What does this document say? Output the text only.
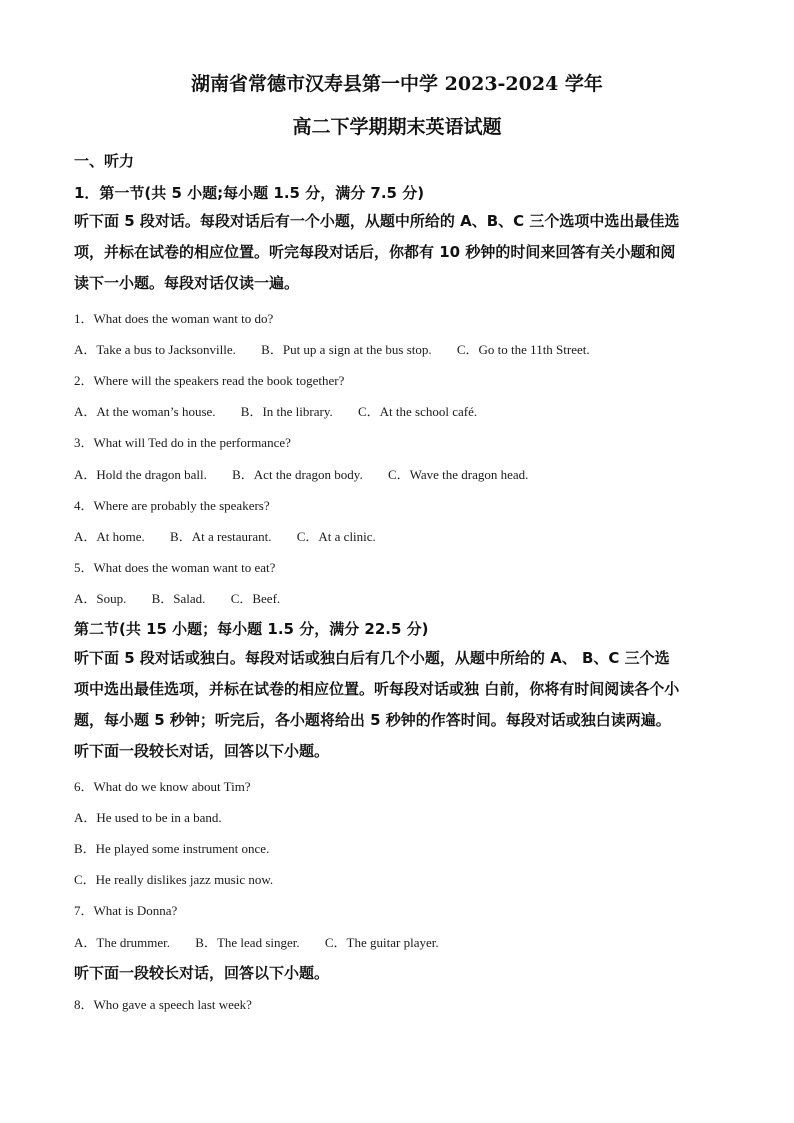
湖南省常德市汉寿县第一中学 2023-2024 学年
高二下学期期末英语试题
一、听力
1．第一节(共 5 小题;每小题 1.5 分，满分 7.5 分)
听下面 5 段对话。每段对话后有一个小题，从题中所给的 A、B、C 三个选项中选出最佳选
项，并标在试卷的相应位置。听完每段对话后，你都有 10 秒钟的时间来回答有关小题和阅
读下一小题。每段对话仅读一遍。
1．What does the woman want to do?
A．Take a bus to Jacksonville. B．Put up a sign at the bus stop. C．Go to the 11th Street.
2．Where will the speakers read the book together?
A．At the woman’s house. B．In the library. C．At the school café.
3．What will Ted do in the performance?
A．Hold the dragon ball. B．Act the dragon body. C．Wave the dragon head.
4．Where are probably the speakers?
A．At home. B．At a restaurant. C．At a clinic.
5．What does the woman want to eat?
A．Soup. B．Salad. C．Beef.
第二节(共 15 小题；每小题 1.5 分，满分 22.5 分)
听下面 5 段对话或独白。每段对话或独白后有几个小题，从题中所给的 A、 B、C 三个选
项中选出最佳选项，并标在试卷的相应位置。听每段对话或独 白前，你将有时间阅读各个小
题，每小题 5 秒钟；听完后，各小题将给出 5 秒钟的作答时间。每段对话或独白读两遍。
听下面一段较长对话，回答以下小题。
6．What do we know about Tim?
A．He used to be in a band.
B．He played some instrument once.
C．He really dislikes jazz music now.
7．What is Donna?
A．The drummer. B．The lead singer. C．The guitar player.
听下面一段较长对话，回答以下小题。
8．Who gave a speech last week?
